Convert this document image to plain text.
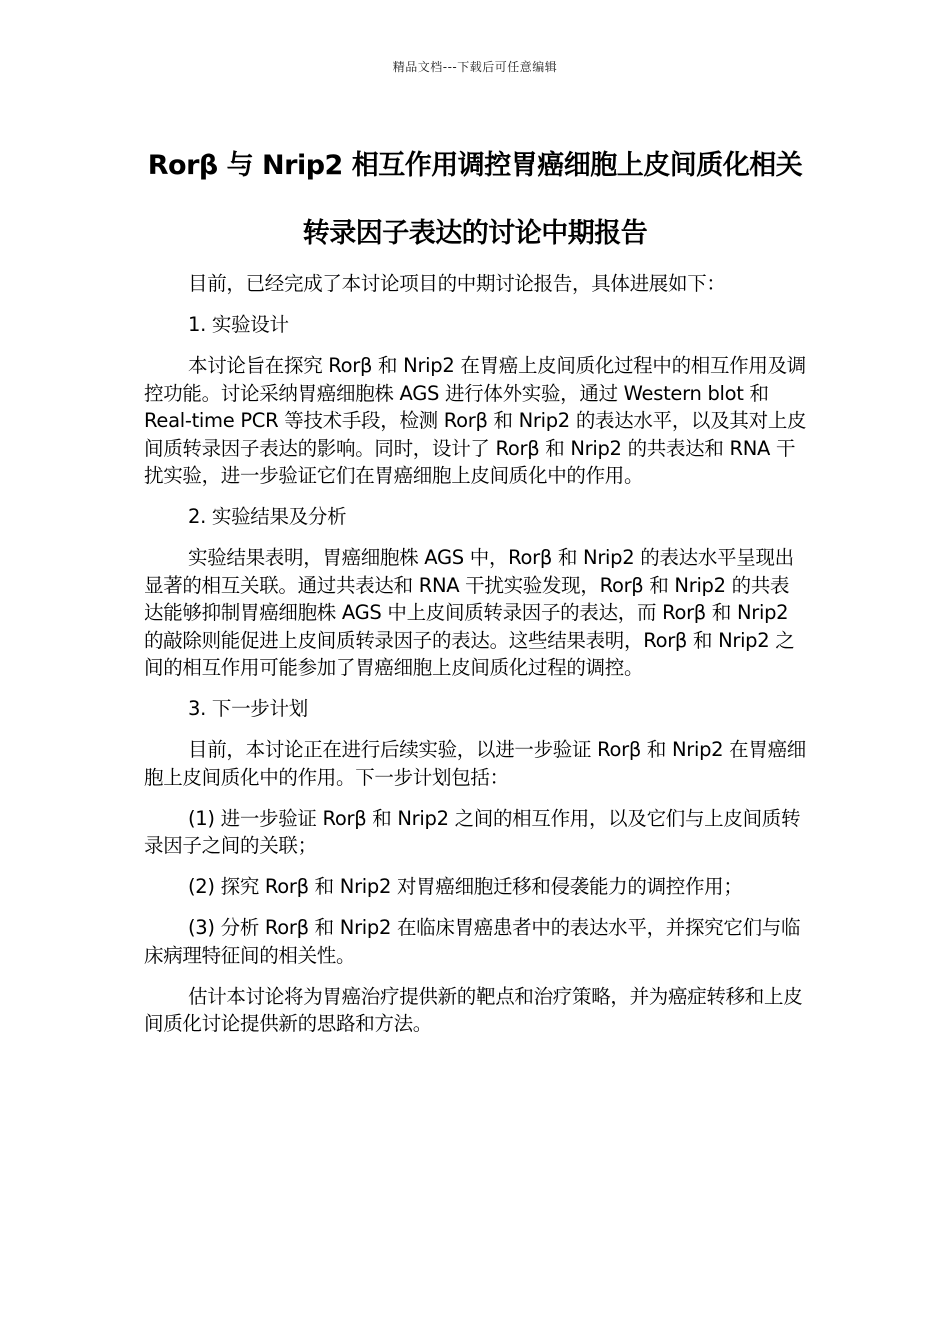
精品文档---下载后可任意编辑
Rorβ 与 Nrip2 相互作用调控胃癌细胞上皮间质化相关转录因子表达的讨论中期报告

目前，已经完成了本讨论项目的中期讨论报告，具体进展如下：

1. 实验设计

本讨论旨在探究 Rorβ 和 Nrip2 在胃癌上皮间质化过程中的相互作用及调控功能。讨论采纳胃癌细胞株 AGS 进行体外实验，通过 Western blot 和 Real-time PCR 等技术手段，检测 Rorβ 和 Nrip2 的表达水平，以及其对上皮间质转录因子表达的影响。同时，设计了 Rorβ 和 Nrip2 的共表达和 RNA 干扰实验，进一步验证它们在胃癌细胞上皮间质化中的作用。

2. 实验结果及分析

实验结果表明，胃癌细胞株 AGS 中，Rorβ 和 Nrip2 的表达水平呈现出显著的相互关联。通过共表达和 RNA 干扰实验发现，Rorβ 和 Nrip2 的共表达能够抑制胃癌细胞株 AGS 中上皮间质转录因子的表达，而 Rorβ 和 Nrip2 的敲除则能促进上皮间质转录因子的表达。这些结果表明，Rorβ 和 Nrip2 之间的相互作用可能参加了胃癌细胞上皮间质化过程的调控。

3. 下一步计划

目前，本讨论正在进行后续实验，以进一步验证 Rorβ 和 Nrip2 在胃癌细胞上皮间质化中的作用。下一步计划包括：

(1) 进一步验证 Rorβ 和 Nrip2 之间的相互作用，以及它们与上皮间质转录因子之间的关联；

(2) 探究 Rorβ 和 Nrip2 对胃癌细胞迁移和侵袭能力的调控作用；

(3) 分析 Rorβ 和 Nrip2 在临床胃癌患者中的表达水平，并探究它们与临床病理特征间的相关性。

估计本讨论将为胃癌治疗提供新的靶点和治疗策略，并为癌症转移和上皮间质化讨论提供新的思路和方法。
